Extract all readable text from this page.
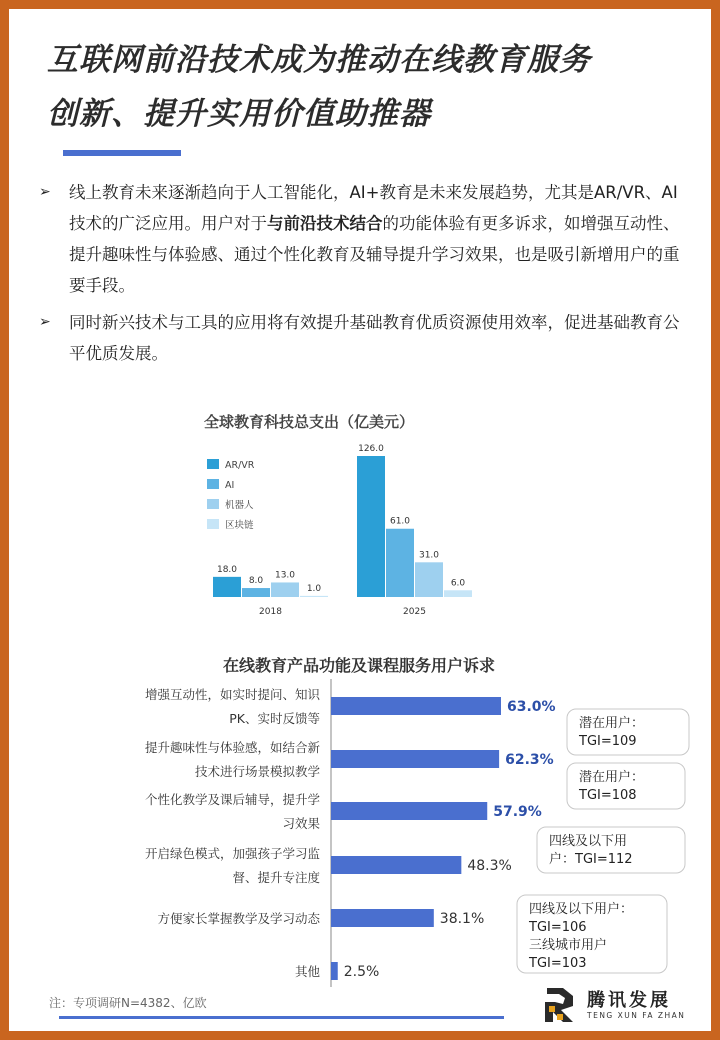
互联网前沿技术成为推动在线教育服务
创新、提升实用价值助推器
➢ 线上教育未来逐渐趋向于人工智能化，AI+教育是未来发展趋势，尤其是AR/VR、AI技术的广泛应用。用户对于与前沿技术结合的功能体验有更多诉求，如增强互动性、提升趣味性与体验感、通过个性化教育及辅导提升学习效果，也是吸引新增用户的重要手段。
➢ 同时新兴技术与工具的应用将有效提升基础教育优质资源使用效率，促进基础教育公平优质发展。
全球教育科技总支出（亿美元）
在线教育产品功能及课程服务用户诉求
18.0
8.0
13.0
1.0
2018
126.0
61.0
31.0
6.0
2025
AR/VR
AI
机器人
区块链
63.0%
增强互动性，如实时提问、知识
PK、实时反馈等
62.3%
提升趣味性与体验感，如结合新
技术进行场景模拟教学
57.9%
个性化教学及课后辅导，提升学
习效果
48.3%
开启绿色模式，加强孩子学习监
督、提升专注度
38.1%
方便家长掌握教学及学习动态
2.5%
其他
潜在用户：
TGI=109
潜在用户：
TGI=108
四线及以下用
户：TGI=112
四线及以下用户：
TGI=106
三线城市用户
TGI=103
注：专项调研N=4382、亿欧	腾讯发展
TENG XUN FA ZHAN
